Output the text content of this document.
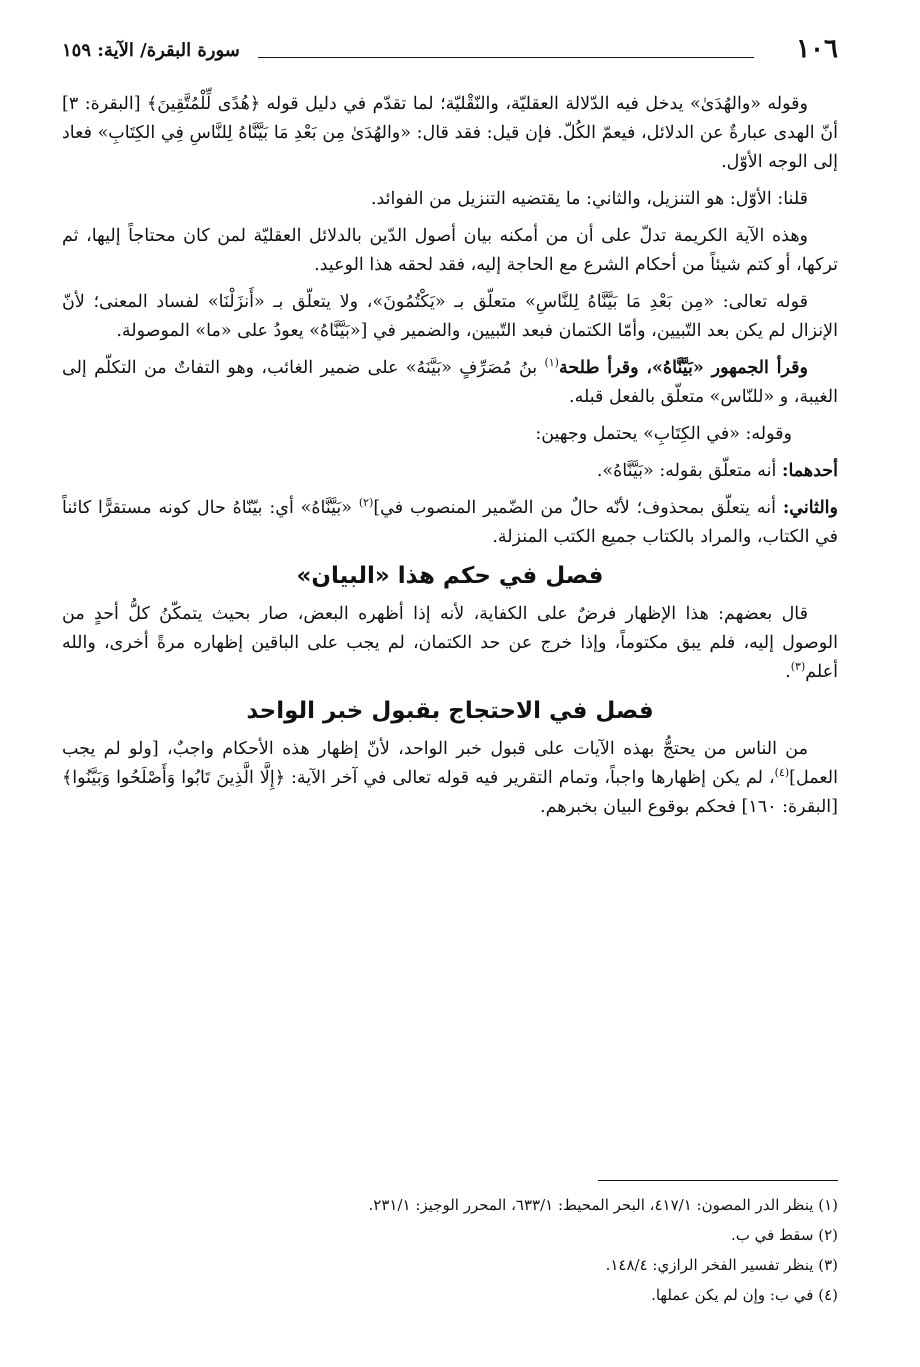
١٠٦
سورة البقرة/ الآية: ١٥٩

وقوله «والهُدَىٰ» يدخل فيه الدّلالة العقليّة، والنّقْليّة؛ لما تقدّم في دليل قوله ﴿هُدًى لِّلْمُتَّقِينَ﴾ [البقرة: ٣] أنّ الهدى عبارةٌ عن الدلائل، فيعمّ الكُلّ. فإن قيل: فقد قال: «والهُدَىٰ مِن بَعْدِ مَا بَيَّنَّاهُ لِلنَّاسِ فِي الكِتَابِ» فعاد إلى الوجه الأوّل.

قلنا: الأوّل: هو التنزيل، والثاني: ما يقتضيه التنزيل من الفوائد.

وهذه الآية الكريمة تدلّ على أن من أمكنه بيان أصول الدّين بالدلائل العقليّة لمن كان محتاجاً إليها، ثم تركها، أو كتم شيئاً من أحكام الشرع مع الحاجة إليه، فقد لحقه هذا الوعيد.

قوله تعالى: «مِن بَعْدِ مَا بَيَّنَّاهُ لِلنَّاسِ» متعلّق بـ «يَكْتُمُونَ»، ولا يتعلّق بـ «أَنزَلْنَا» لفساد المعنى؛ لأنّ الإنزال لم يكن بعد التّبيين، وأمّا الكتمان فبعد التّبيين، والضمير في [«بَيَّنَّاهُ» يعودُ على «ما» الموصولة.

وقرأ الجمهور «بَيَّنَّاهُ»، وقرأ طلحة$^{(١)}$ بنُ مُصَرِّفٍ «بَيَّنَهُ» على ضمير الغائب، وهو التفاتٌ من التكلّم إلى الغيبة، و «للنّاس» متعلّق بالفعل قبله.

وقوله: «في الكِتَابِ» يحتمل وجهين:

أحدهما: أنه متعلّق بقوله: «بَيَّنَّاهُ».

والثاني: أنه يتعلّق بمحذوف؛ لأنّه حالٌ من الضّمير المنصوب في]$^{(٢)}$ «بَيَّنَّاهُ» أي: بيّنّاهُ حال كونه مستقرًّا كائناً في الكتاب، والمراد بالكتاب جميع الكتب المنزلة.

فصل في حكم هذا «البيان»

قال بعضهم: هذا الإظهار فرضٌ على الكفاية، لأنه إذا أظهره البعض، صار بحيث يتمكّنُ كلُّ أحدٍ من الوصول إليه، فلم يبق مكتوماً، وإذا خرج عن حد الكتمان، لم يجب على الباقين إظهاره مرةً أخرى، والله أعلم$^{(٣)}$.

فصل في الاحتجاج بقبول خبر الواحد

من الناس من يحتجُّ بهذه الآيات على قبول خبر الواحد، لأنّ إظهار هذه الأحكام واجبٌ، [ولو لم يجب العمل]$^{(٤)}$، لم يكن إظهارها واجباً، وتمام التقرير فيه قوله تعالى في آخر الآية: ﴿إِلَّا الَّذِينَ تَابُوا وَأَصْلَحُوا وَبَيَّنُوا﴾ [البقرة: ١٦٠] فحكم بوقوع البيان بخبرهم.

(١) ينظر الدر المصون: ٤١٧/١، البحر المحيط: ٦٣٣/١، المحرر الوجيز: ٢٣١/١.

(٢) سقط في ب.

(٣) ينظر تفسير الفخر الرازي: ١٤٨/٤.

(٤) في ب: وإن لم يكن عملها.
